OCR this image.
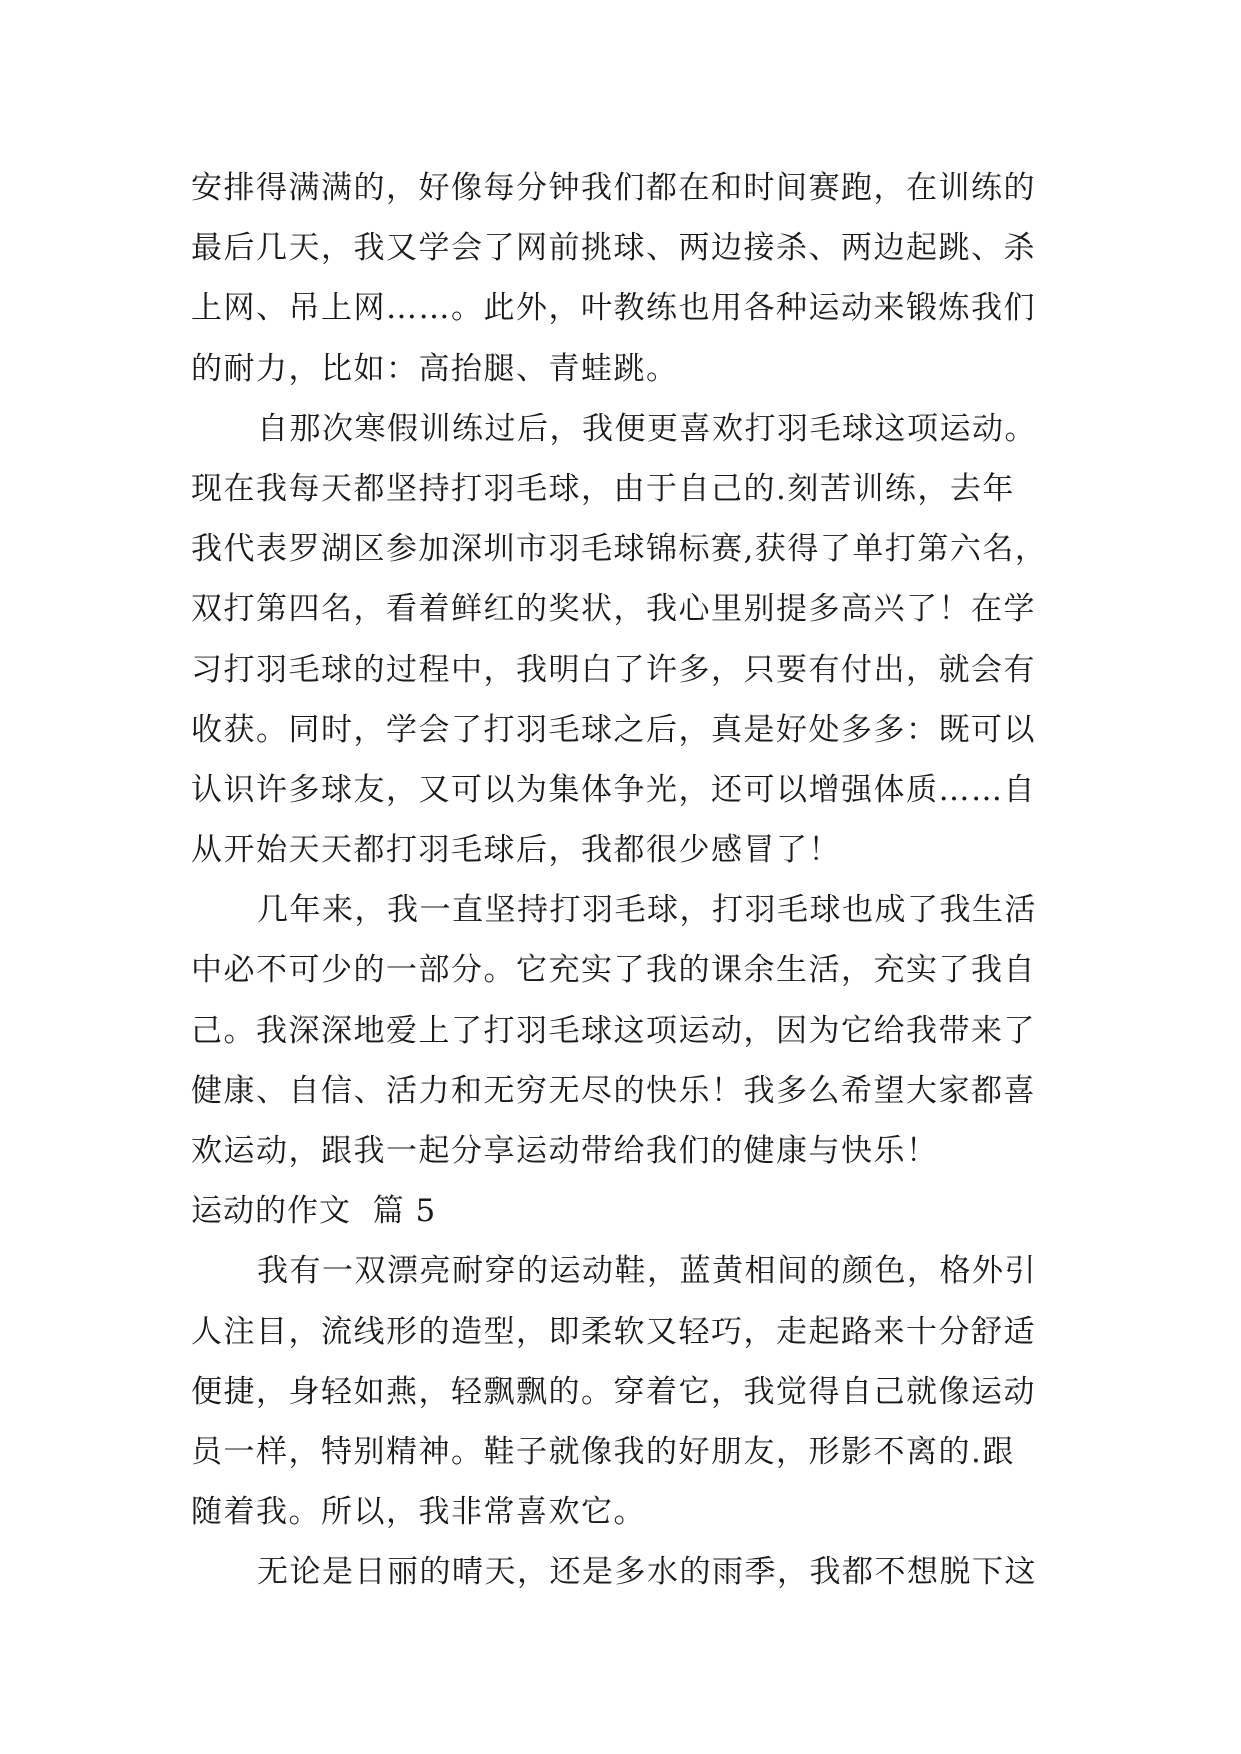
安排得满满的，好像每分钟我们都在和时间赛跑，在训练的
最后几天，我又学会了网前挑球、两边接杀、两边起跳、杀
上网、吊上网……。此外，叶教练也用各种运动来锻炼我们
的耐力，比如：高抬腿、青蛙跳。
自那次寒假训练过后，我便更喜欢打羽毛球这项运动。
现在我每天都坚持打羽毛球，由于自己的.刻苦训练，去年
我代表罗湖区参加深圳市羽毛球锦标赛,获得了单打第六名，
双打第四名，看着鲜红的奖状，我心里别提多高兴了！在学
习打羽毛球的过程中，我明白了许多，只要有付出，就会有
收获。同时，学会了打羽毛球之后，真是好处多多：既可以
认识许多球友，又可以为集体争光，还可以增强体质……自
从开始天天都打羽毛球后，我都很少感冒了！
几年来，我一直坚持打羽毛球，打羽毛球也成了我生活
中必不可少的一部分。它充实了我的课余生活，充实了我自
己。我深深地爱上了打羽毛球这项运动，因为它给我带来了
健康、自信、活力和无穷无尽的快乐！我多么希望大家都喜
欢运动，跟我一起分享运动带给我们的健康与快乐！
运动的作文  篇 5
我有一双漂亮耐穿的运动鞋，蓝黄相间的颜色，格外引
人注目，流线形的造型，即柔软又轻巧，走起路来十分舒适
便捷，身轻如燕，轻飘飘的。穿着它，我觉得自己就像运动
员一样，特别精神。鞋子就像我的好朋友，形影不离的.跟
随着我。所以，我非常喜欢它。
无论是日丽的晴天，还是多水的雨季，我都不想脱下这
